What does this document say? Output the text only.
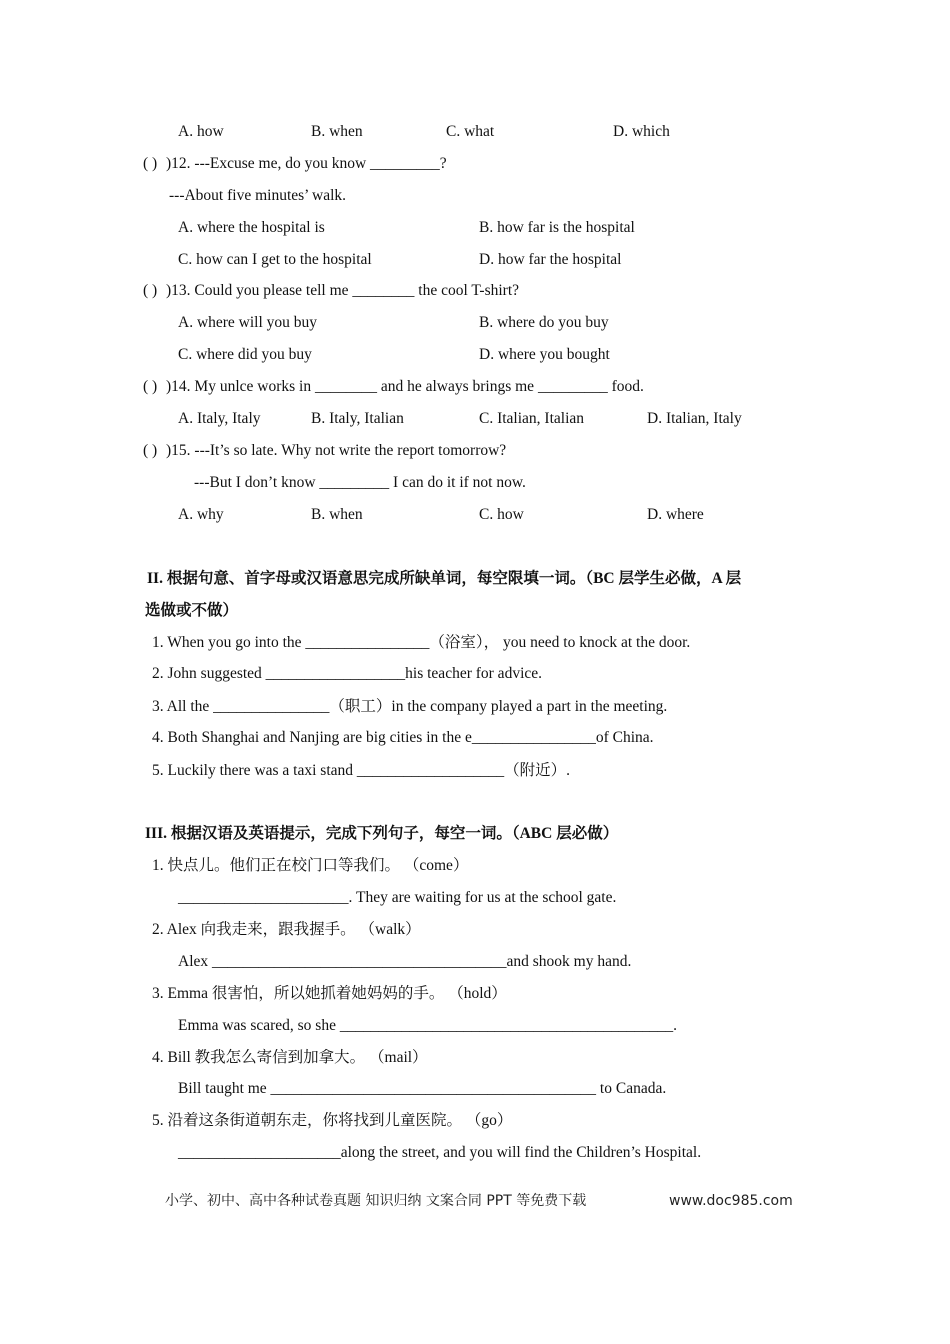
A. how	B. when	C. what	D. which
( ) )12. ---Excuse me, do you know _________?
---About five minutes’ walk.
A. where the hospital is	B. how far is the hospital
C. how can I get to the hospital	D. how far the hospital
( ) )13. Could you please tell me ________ the cool T-shirt?
A. where will you buy	B. where do you buy
C. where did you buy	D. where you bought
( ) )14. My unlce works in ________ and he always brings me _________ food.
A. Italy, Italy	B. Italy, Italian	C. Italian, Italian	D. Italian, Italy
( ) )15. ---It’s so late. Why not write the report tomorrow?
---But I don’t know _________ I can do it if not now.
A. why	B. when	C. how	D. where
II. 根据句意、首字母或汉语意思完成所缺单词，每空限填一词。（BC 层学生必做，A 层
选做或不做）
1. When you go into the ________________（浴室）， you need to knock at the door.
2. John suggested __________________his teacher for advice.
3. All the _______________（职工）in the company played a part in the meeting.
4. Both Shanghai and Nanjing are big cities in the e________________of China.
5. Luckily there was a taxi stand ___________________（附近）.
III. 根据汉语及英语提示，完成下列句子，每空一词。（ABC 层必做）
1. 快点儿。他们正在校门口等我们。 （come）
______________________. They are waiting for us at the school gate.
2. Alex 向我走来，跟我握手。 （walk）
Alex ______________________________________and shook my hand.
3. Emma 很害怕，所以她抓着她妈妈的手。 （hold）
Emma was scared, so she ___________________________________________.
4. Bill 教我怎么寄信到加拿大。 （mail）
Bill taught me __________________________________________ to Canada.
5. 沿着这条街道朝东走，你将找到儿童医院。 （go）
_____________________along the street, and you will find the Children’s Hospital.
小学、初中、高中各种试卷真题 知识归纳 文案合同 PPT 等免费下载	www.doc985.com
